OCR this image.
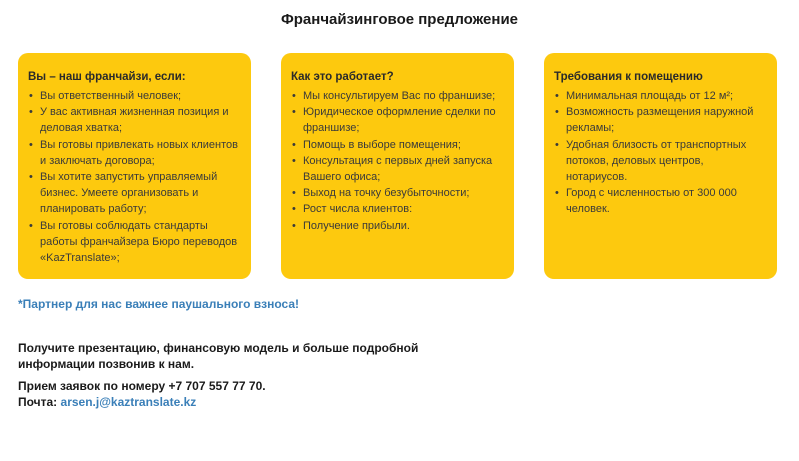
Франчайзинговое предложение
Вы – наш франчайзи, если:
• Вы ответственный человек;
• У вас активная жизненная позиция и деловая хватка;
• Вы готовы привлекать новых клиентов и заключать договора;
• Вы хотите запустить управляемый бизнес. Умеете организовать и планировать работу;
• Вы готовы соблюдать стандарты работы франчайзера Бюро переводов «KazTranslate»;
Как это работает?
• Мы консультируем Вас по франшизе;
• Юридическое оформление сделки по франшизе;
• Помощь в выборе помещения;
• Консультация с первых дней запуска Вашего офиса;
• Выход на точку безубыточности;
• Рост числа клиентов:
• Получение прибыли.
Требования к помещению
• Минимальная площадь от 12 м²;
• Возможность размещения наружной рекламы;
• Удобная близость от транспортных потоков, деловых центров, нотариусов.
• Город с численностью от 300 000 человек.
*Партнер для нас важнее паушального взноса!
Получите презентацию, финансовую модель и больше подробной информации позвонив к нам.
Прием заявок по номеру +7 707 557 77 70.
Почта: arsen.j@kaztranslate.kz
